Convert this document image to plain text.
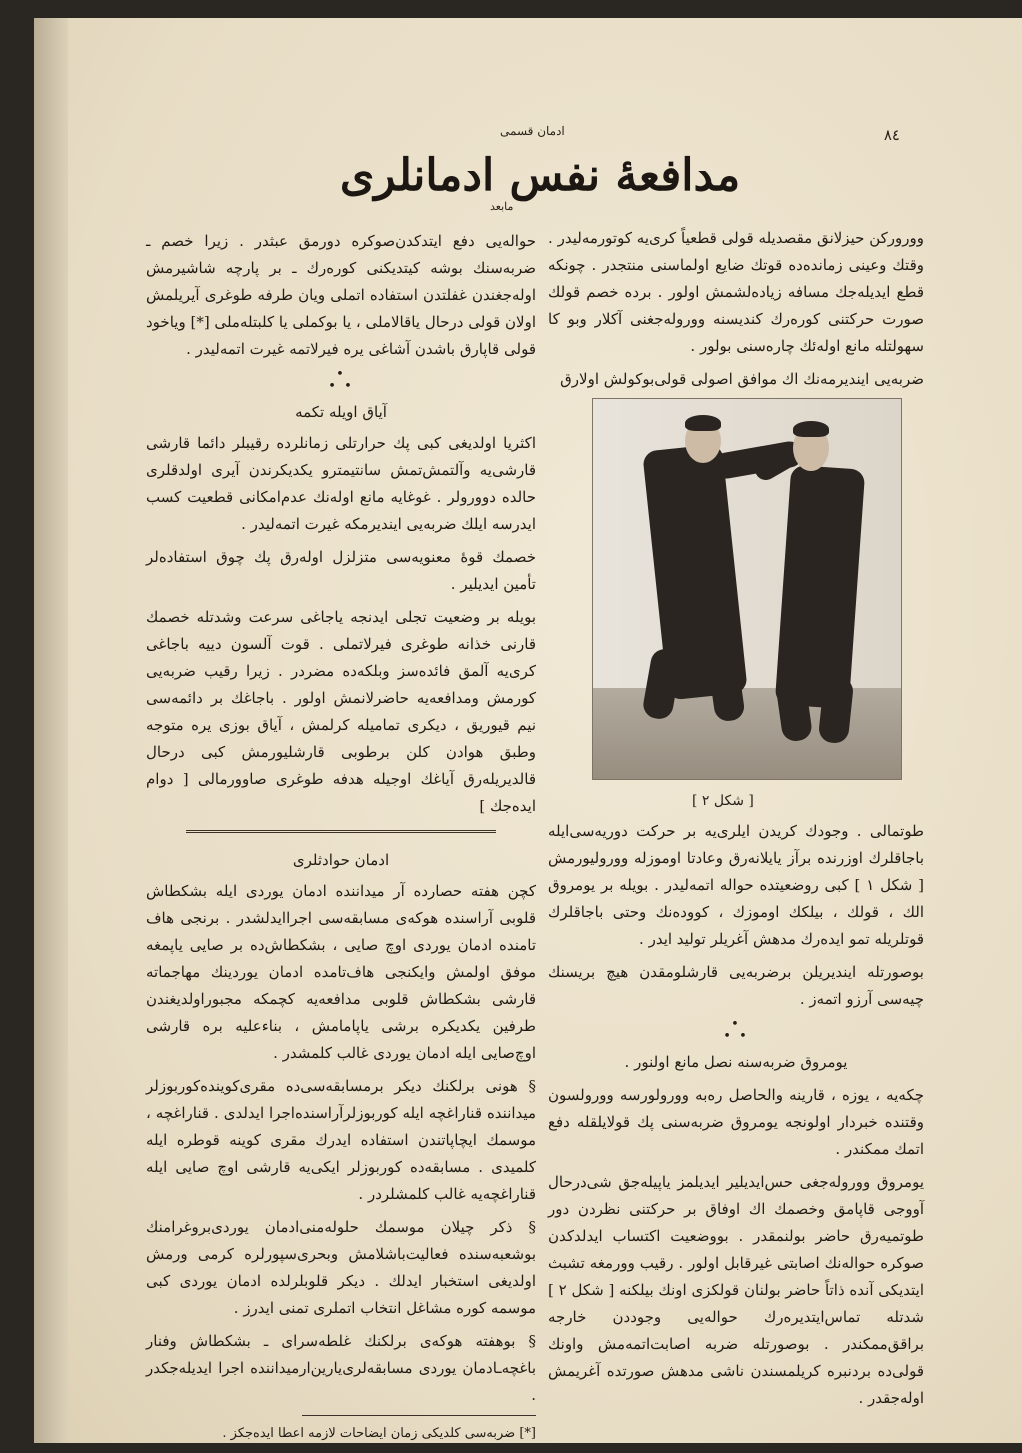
٨٤
ادمان قسمی
مدافعهٔ نفس ادمانلری
مابعد

وورورکن حیزلانق مقصدیله قولی قطعیاً کری‌یه کوتورمه‌لیدر . وقتك وعینی زمانده‌ده قوتك ضایع اولماسنی منتجدر . چونکه قطع ایدیله‌جك مسافه زیاده‌لشمش اولور . برده خصم قولك صورت حرکتنی کوره‌رك کندیسنه وورولەجغنی آکلار وبو کا سهولتله مانع اوله‌ئك چاره‌سنی بولور .

ضربه‌یی اینديرمەنك اك موافق اصولی قولی‌بوکولش اولارق

[ شکل ٢ ]

طوتمالی . وجودك کریدن ایلری‌یه بر حرکت دوریه‌سی‌ایله باجاقلرك اوزرنده برآز یایلانه‌رق وعادتا اوموزله وورولیورمش [ شکل ١ ] کبی روضعیتده حواله اتمەلیدر . بویله بر یومروق الك ، قولك ، بیلكك اوموزك ، کوودەنك وحتی باجاقلرك قوتلریله تمو ایدەرك مدهش آغریلر تولید ایدر .

بوصورتله ایندیریلن برضربه‌یی قارشلومقدن هیچ بریسنك چیه‌سی آرزو اتمەز .

•
• •

یومروق ضربه‌سنه نصل مانع اولنور .

چکه‌یه ، یوزه ، قارینه والحاصل رەبه وورولورسه وورولسون وقتنده خبردار اولونجه یومروق ضربه‌سنی پك قولایلقله دفع اتمك ممکندر .

یومروق وورولەجغی حس‌ایدیلیر ایدیلمز یاپیلەجق شی‌درحال آووجی قاپامق وخصمك اك اوفاق بر حرکتنی نظردن دور طوتمیه‌رق حاضر بولنمقدر . بووضعیت اکتساب ایدلدکدن صوکره حواله‌نك اصابتی غیرقابل اولور . رقیب وورمغه تشبث ایتدیکی آنده ذاتاً حاضر بولنان قولکزی اونك بیلکنه [ شکل ٢ ] شدتله تماس‌ایتدیره‌رك حواله‌یی وجوددن خارجه براقق‌ممکندر . بوصورتله ضربه اصابت‌اتمەمش واونك قولی‌ده بردنبره کریلمسندن ناشی مدهش صورتده آغریمش اوله‌جقدر .

حواله‌یی دفع ایتدکدن‌صوکره دورمق عبثدر . زیرا خصم ـ ضربه‌سنك بوشه کیتدیکنی کوره‌رك ـ بر پارچه شاشیرمش اوله‌جغندن غفلتدن استفاده اتملی ویان طرفه طوغری آیریلمش اولان قولی درحال یاقالاملی ، یا بوکملی یا کلبتلەملی [*] ویاخود قولی قاپارق باشدن آشاغی یره فیرلاتمه غیرت اتمەلیدر .

•
• •
آیاق اویله تکمه

اکثریا اولدیغی کبی پك حرارتلی زمانلرده رقیبلر دائما قارشی قارشی‌یه وآلتمش‌تمش سانتیمترو یکدیکرندن آیری اولدقلری حالده دوورولر . غوغایه مانع اوله‌نك عدم‌امکانی قطعیت کسب ایدرسه ایلك ضربه‌یی ایندیرمکه غیرت اتمەلیدر .

خصمك قوهٔ معنویه‌سی متزلزل اوله‌رق پك چوق استفاده‌لر تأمین ایدیلیر .

بویله بر وضعیت تجلی ایدنجه یاجاغی سرعت وشدتله خصمك قارنی خذانه طوغری فیرلاتملی . قوت آلسون دییه باجاغی کری‌یه آلمق فائده‌سز وبلکەده مضردر . زیرا رقیب ضربه‌یی کورمش ومدافعه‌یه حاضرلانمش اولور . باجاغك بر دائمه‌سی نیم قیوریق ، دیکری تمامیله کرلمش ، آیاق بوزی یره متوجه وطبق هوادن کلن برطوبی قارشلیورمش کبی درحال قالدیریله‌رق آیاغك اوجیله هدفه طوغری صاوورمالی [ دوام ایده‌جك ]

ادمان حوادثلری

کچن هفته حصارده آر میداننده ادمان یوردی ایله بشکطاش قلوبی آراسنده هوکەی مسابقه‌سی اجراایدلشدر . برنجی هاف تامنده ادمان یوردی اوچ صایی ، بشکطاش‌ده بر صایی یاپمغه موفق اولمش وایکنجی هاف‌تامده ادمان یوردینك مهاجماته قارشی بشکطاش قلوبی مدافعه‌یه کچمکه مجبوراولدیغندن طرفین یکدیکره برشی یاپامامش ، بناءعلیه بره قارشی اوچ‌صایی ایله ادمان یوردی غالب کلمشدر .

§ هونی برلکنك دیکر برمسابقه‌سی‌ده مقری‌کوینده‌کوربوزلر میداننده قناراغچه ایله کوربوزلرآراسنده‌اجرا ایدلدی . قناراغچه ، موسمك ایچاپاتندن استفاده ایدرك مقری کوینه قوطره ایله کلمیدی . مسابقه‌ده کوربوزلر ایکی‌یه قارشی اوچ صایی ایله قناراغچه‌یه غالب کلمشلردر .

§ ذکر چیلان موسمك حلوله‌منی‌ادمان یوردی‌بروغرامنك بوشعبه‌سنده فعالیت‌باشلامش وبحری‌سپورلره کرمی ورمش اولدیغی استخبار ایدلك . دیکر قلوبلرلده ادمان یوردی کبی موسمه کوره مشاغل انتخاب اتملری تمنی ایدرز .

§ بوهفته هوکەی برلکنك غلطه‌سرای ـ بشکطاش وفنار باغچه‌ـادمان یوردی مسابقه‌لری‌یارین‌ارمیداننده اجرا ایدیله‌جکدر .

[*] ضربه‌سی کلدیکی زمان ایضاحات لازمه اعطا ایده‌جکز .
